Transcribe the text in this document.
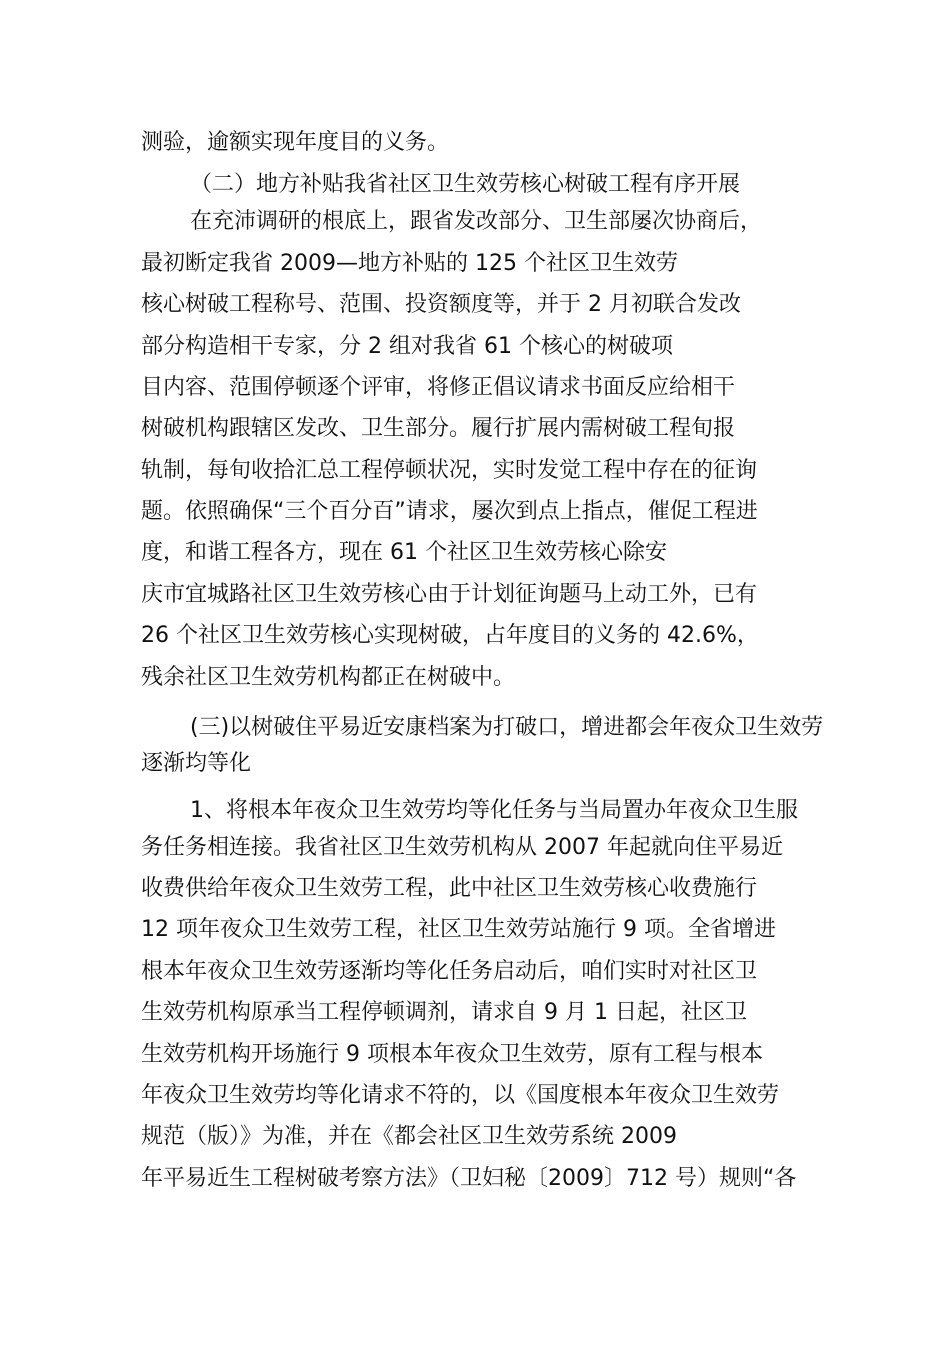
测验，逾额实现年度目的义务。
（二）地方补贴我省社区卫生效劳核心树破工程有序开展
在充沛调研的根底上，跟省发改部分、卫生部屡次协商后，
最初断定我省 2009—地方补贴的 125 个社区卫生效劳
核心树破工程称号、范围、投资额度等，并于 2 月初联合发改
部分构造相干专家，分 2 组对我省 61 个核心的树破项
目内容、范围停顿逐个评审，将修正倡议请求书面反应给相干
树破机构跟辖区发改、卫生部分。履行扩展内需树破工程旬报
轨制，每旬收拾汇总工程停顿状况，实时发觉工程中存在的征询
题。依照确保“三个百分百”请求，屡次到点上指点，催促工程进
度，和谐工程各方，现在 61 个社区卫生效劳核心除安
庆市宜城路社区卫生效劳核心由于计划征询题马上动工外，已有
26 个社区卫生效劳核心实现树破，占年度目的义务的 42.6%，
残余社区卫生效劳机构都正在树破中。
(三)以树破住平易近安康档案为打破口，增进都会年夜众卫生效劳
逐渐均等化
1、将根本年夜众卫生效劳均等化任务与当局置办年夜众卫生服
务任务相连接。我省社区卫生效劳机构从 2007 年起就向住平易近
收费供给年夜众卫生效劳工程，此中社区卫生效劳核心收费施行
12 项年夜众卫生效劳工程，社区卫生效劳站施行 9 项。全省增进
根本年夜众卫生效劳逐渐均等化任务启动后，咱们实时对社区卫
生效劳机构原承当工程停顿调剂，请求自 9 月 1 日起，社区卫
生效劳机构开场施行 9 项根本年夜众卫生效劳，原有工程与根本
年夜众卫生效劳均等化请求不符的，以《国度根本年夜众卫生效劳
规范（版）》为准，并在《都会社区卫生效劳系统 2009
年平易近生工程树破考察方法》（卫妇秘〔2009〕712 号）规则“各
